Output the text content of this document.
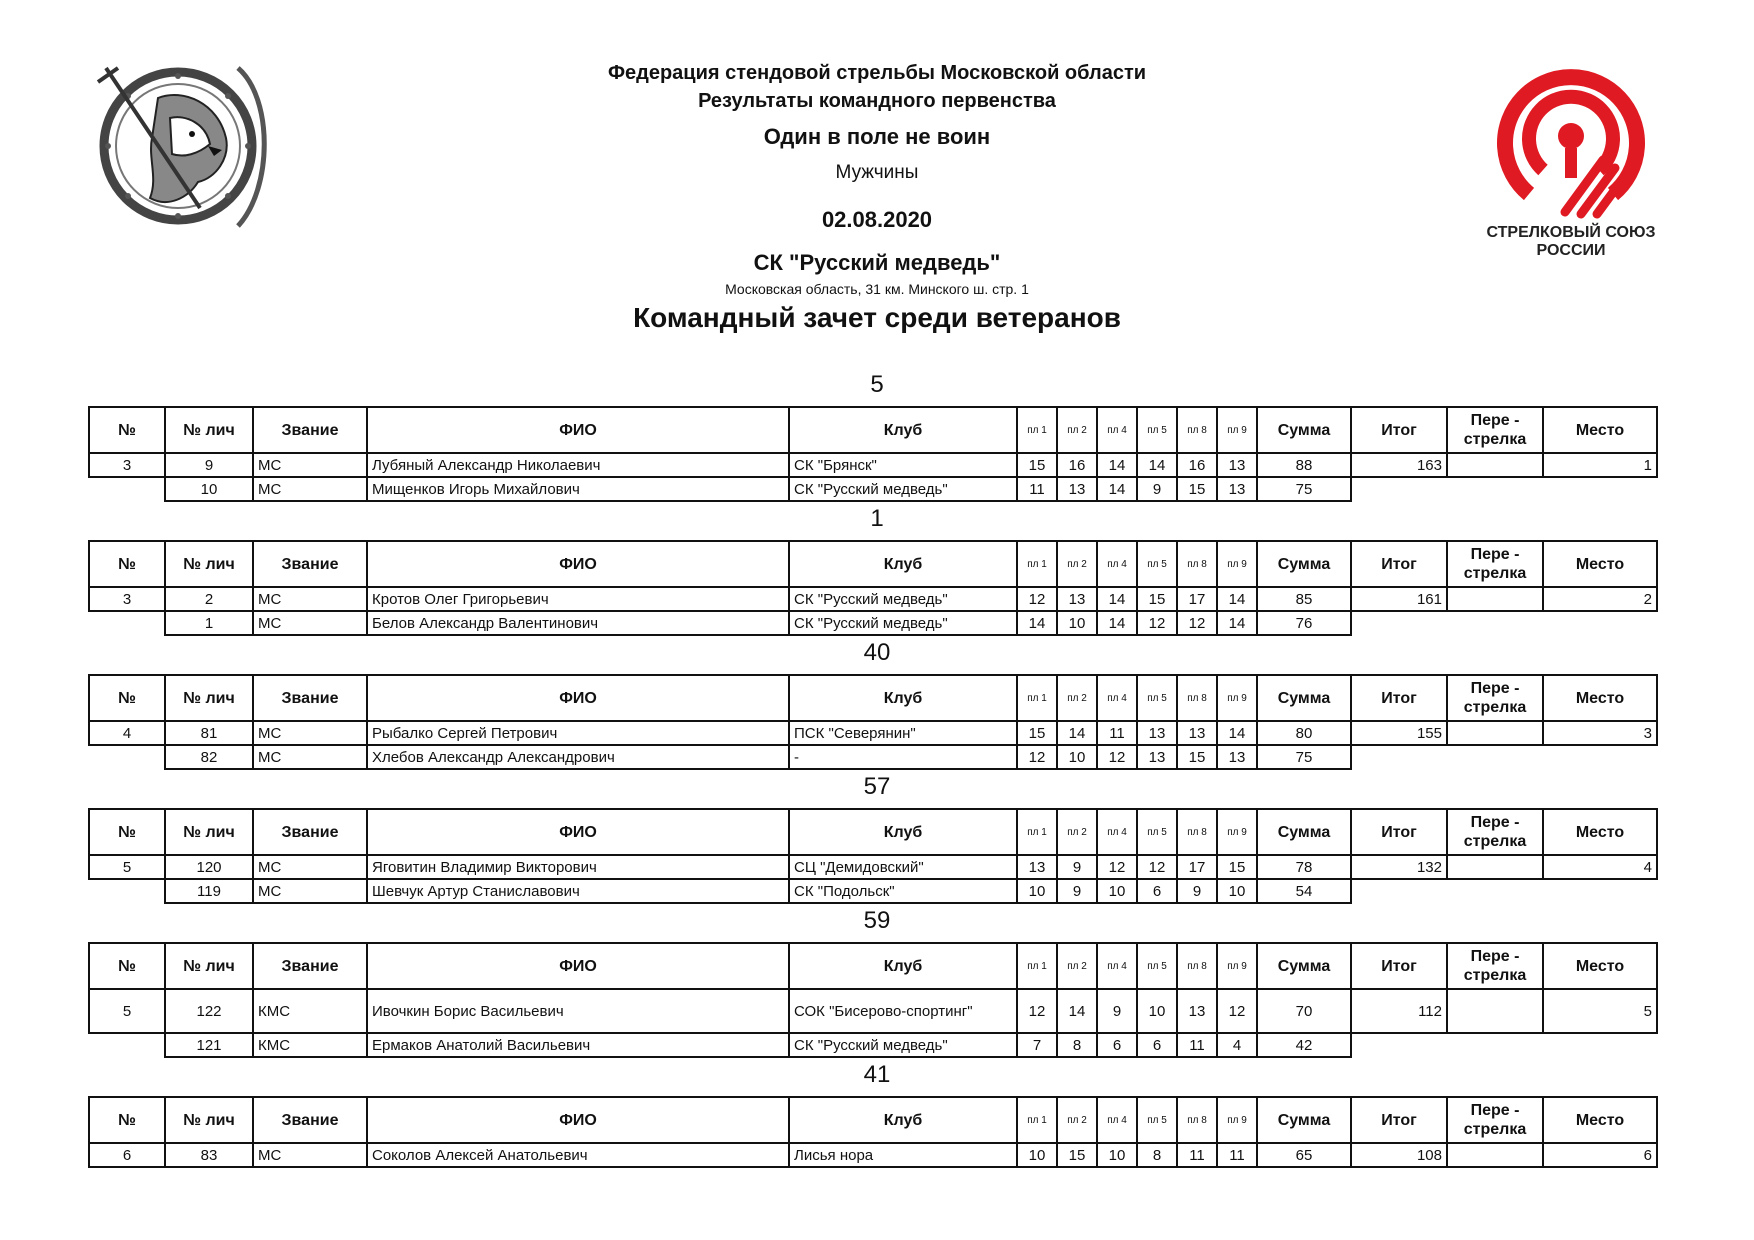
СТРЕЛКОВЫЙ СОЮЗ
РОССИИ
Федерация стендовой стрельбы Московской области
Результаты командного первенства
Один в поле не воин
Мужчины
02.08.2020
СК "Русский медведь"
Московская область, 31 км. Минского ш. стр. 1
Командный зачет среди ветеранов
5
№	№ лич	Звание	ФИО	Клуб	пл 1	пл 2	пл 4	пл 5	пл 8	пл 9	Сумма	Итог	Пере - стрелка	Место
3	9	МС	Лубяный Александр Николаевич	СК "Брянск"	15	16	14	14	16	13	88	163		1
	10	МС	Мищенков Игорь Михайлович	СК "Русский медведь"	11	13	14	9	15	13	75			
1
№	№ лич	Звание	ФИО	Клуб	пл 1	пл 2	пл 4	пл 5	пл 8	пл 9	Сумма	Итог	Пере - стрелка	Место
3	2	МС	Кротов Олег Григорьевич	СК "Русский медведь"	12	13	14	15	17	14	85	161		2
	1	МС	Белов Александр Валентинович	СК "Русский медведь"	14	10	14	12	12	14	76			
40
№	№ лич	Звание	ФИО	Клуб	пл 1	пл 2	пл 4	пл 5	пл 8	пл 9	Сумма	Итог	Пере - стрелка	Место
4	81	МС	Рыбалко Сергей Петрович	ПСК "Северянин"	15	14	11	13	13	14	80	155		3
	82	МС	Хлебов Александр Александрович	-	12	10	12	13	15	13	75			
57
№	№ лич	Звание	ФИО	Клуб	пл 1	пл 2	пл 4	пл 5	пл 8	пл 9	Сумма	Итог	Пере - стрелка	Место
5	120	МС	Яговитин Владимир Викторович	СЦ "Демидовский"	13	9	12	12	17	15	78	132		4
	119	МС	Шевчук Артур Станиславович	СК "Подольск"	10	9	10	6	9	10	54			
59
№	№ лич	Звание	ФИО	Клуб	пл 1	пл 2	пл 4	пл 5	пл 8	пл 9	Сумма	Итог	Пере - стрелка	Место
5	122	КМС	Ивочкин Борис Васильевич	СОК "Бисерово-спортинг"	12	14	9	10	13	12	70	112		5
	121	КМС	Ермаков Анатолий Васильевич	СК "Русский медведь"	7	8	6	6	11	4	42			
41
№	№ лич	Звание	ФИО	Клуб	пл 1	пл 2	пл 4	пл 5	пл 8	пл 9	Сумма	Итог	Пере - стрелка	Место
6	83	МС	Соколов Алексей Анатольевич	Лисья нора	10	15	10	8	11	11	65	108		6
